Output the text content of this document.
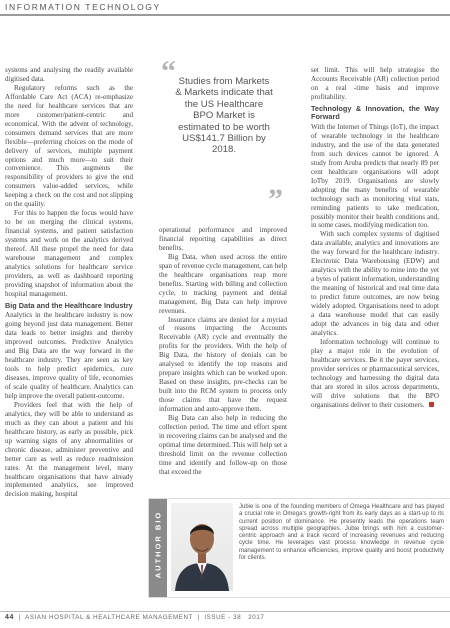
INFORMATION TECHNOLOGY

systems and analysing the readily available digitised data.

Regulatory reforms such as the Affordable Care Act (ACA) re-emphasize the need for healthcare services that are more customer/patient-centric and economical. With the advent of technology, consumers demand services that are more flexible—preferring choices on the mode of delivery of services, multiple payment options and much more—to suit their convenience. This augments the responsibility of providers to give the end consumers value-added services, while keeping a check on the cost and not slipping on the quality.

For this to happen the focus would have to be on merging the clinical systems, financial systems, and patient satisfaction systems and work on the analytics derived thereof. All these propel the need for data warehouse management and complex analytics solutions for healthcare service providers, as well as dashboard reporting providing snapshot of information about the hospital management.

Big Data and the Healthcare Industry

Analytics in the healthcare industry is now going beyond just data management. Better data leads to better insights and thereby improved outcomes. Predictive Analytics and Big Data are the way forward in the healthcare industry. They are seen as key tools to help predict epidemics, cure diseases, improve quality of life, economies of scale quality of healthcare. Analytics can help improve the overall patient-outcome.

Providers feel that with the help of analytics, they will be able to understand as much as they can about a patient and his healthcare history, as early as possible, pick up warning signs of any abnormalities or chronic disease, administer preventive and better care as well as reduce readmission rates. At the management level, many healthcare organisations that have already implemented analytics, see improved decision making, hospital

“ Studies from Markets & Markets indicate that the US Healthcare BPO Market is estimated to be worth US$141.7 Billion by 2018.
”

operational performance and improved financial reporting capabilities as direct benefits.

Big Data, when used across the entire span of revenue cycle management, can help the healthcare organisations reap more benefits. Starting with billing and collection cycle, to tracking payment and denial management, Big Data can help improve revenues.

Insurance claims are denied for a myriad of reasons impacting the Accounts Receivable (AR) cycle and eventually the profits for the providers. With the help of Big Data, the history of denials can be analysed to identify the top reasons and prepare insights which can be worked upon. Based on these insights, pre-checks can be built into the RCM system to process only those claims that have the request information and auto-approve them.

Big Data can also help in reducing the collection period. The time and effort spent in recovering claims can be analysed and the optimal time determined. This will help set a threshold limit on the revenue collection time and identify and follow-up on those that exceed the

set limit. This will help strategise the Accounts Receivable (AR) collection period on a real -time basis and improve profitability.

Technology & Innovation, the Way Forward

With the Internet of Things (IoT), the impact of wearable technology in the healthcare industry, and the use of the data generated from such devices cannot be ignored. A study from Aruba predicts that nearly 89 per cent healthcare organisations will adopt IoTby 2019. Organisations are slowly adopting the many benefits of wearable technology such as monitoring vital stats, reminding patients to take medication, possibly monitor their health conditions and, in some cases, modifying medication too.

With such complex systems of digitised data available, analytics and innovations are the way forward for the healthcare industry. Electronic Data Warehousing (EDW) and analytics with the ability to mine into the yet a bytes of patient information, understanding the meaning of historical and real time data to predict future outcomes, are now being widely adopted. Organisations need to adopt a data warehouse model that can easily adopt the advances in big data and other analytics.

Information technology will continue to play a major role in the evolution of healthcare services. Be it the payer services, provider services or pharmaceutical services, technology and harnessing the digital data that are stored in silos across departments, will drive solutions that the BPO organisations deliver to their customers.

AUTHOR BIO
Jubie is one of the founding members of Omega Healthcare and has played a crucial role in Omega's growth-right from its early days as a start-up to its current position of dominance. He presently leads the operations team spread across multiple geographies. Jubie brings with him a customer-centric approach and a track record of increasing revenues and reducing cycle time. He leverages vast process knowledge in revenue cycle management to enhance efficiencies, improve quality and boost productivity for clients.
44  |  ASIAN HOSPITAL & HEALTHCARE MANAGEMENT  |  ISSUE - 38 2017
